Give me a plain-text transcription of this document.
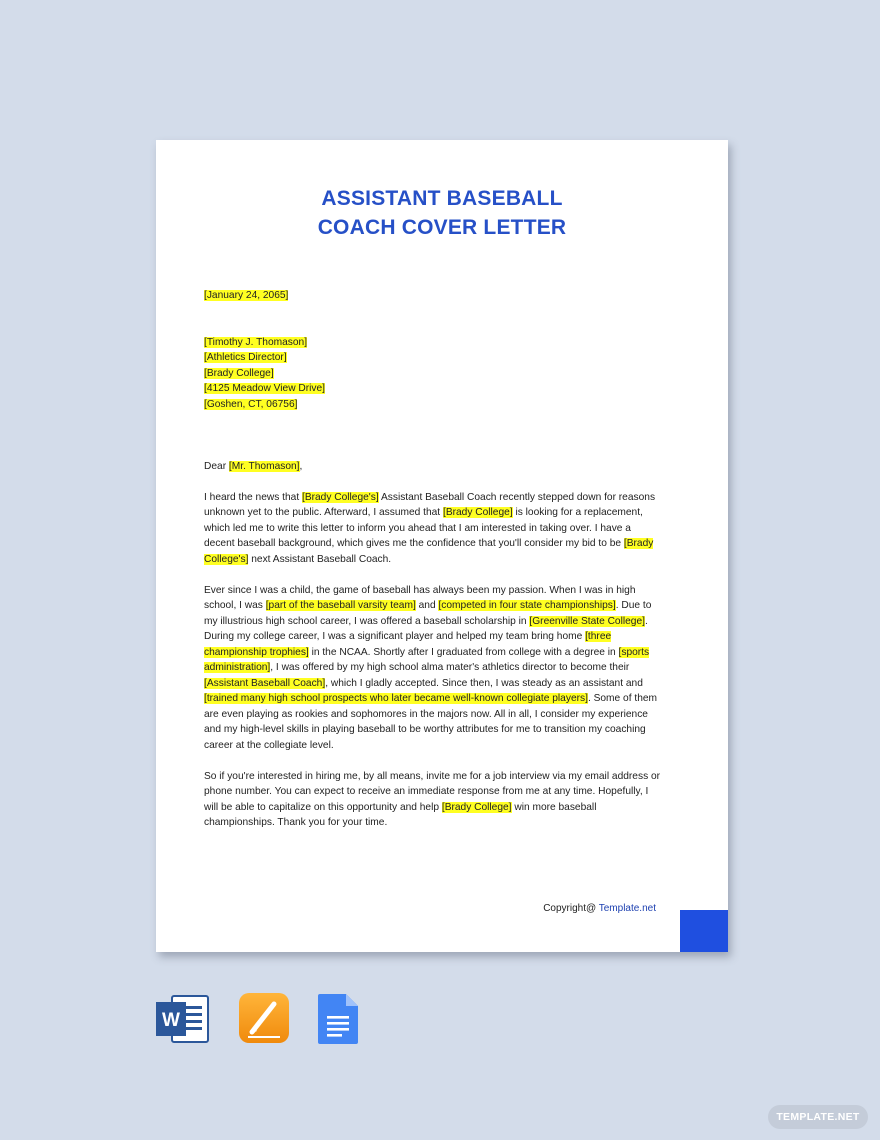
ASSISTANT BASEBALL
COACH COVER LETTER

[January 24, 2065]

[Timothy J. Thomason]

[Athletics Director]

[Brady College]

[4125 Meadow View Drive]

[Goshen, CT, 06756]

Dear [Mr. Thomason],

I heard the news that [Brady College's] Assistant Baseball Coach recently stepped down for reasons unknown yet to the public. Afterward, I assumed that [Brady College] is looking for a replacement, which led me to write this letter to inform you ahead that I am interested in taking over. I have a decent baseball background, which gives me the confidence that you'll consider my bid to be [Brady College's] next Assistant Baseball Coach.

Ever since I was a child, the game of baseball has always been my passion. When I was in high school, I was [part of the baseball varsity team] and [competed in four state championships]. Due to my illustrious high school career, I was offered a baseball scholarship in [Greenville State College]. During my college career, I was a significant player and helped my team bring home [three championship trophies] in the NCAA. Shortly after I graduated from college with a degree in [sports administration], I was offered by my high school alma mater's athletics director to become their [Assistant Baseball Coach], which I gladly accepted. Since then, I was steady as an assistant and [trained many high school prospects who later became well-known collegiate players]. Some of them are even playing as rookies and sophomores in the majors now. All in all, I consider my experience and my high-level skills in playing baseball to be worthy attributes for me to transition my coaching career at the collegiate level.

So if you're interested in hiring me, by all means, invite me for a job interview via my email address or phone number. You can expect to receive an immediate response from me at any time. Hopefully, I will be able to capitalize on this opportunity and help [Brady College] win more baseball championships. Thank you for your time.

Copyright@ Template.net
W
TEMPLATE.NET
